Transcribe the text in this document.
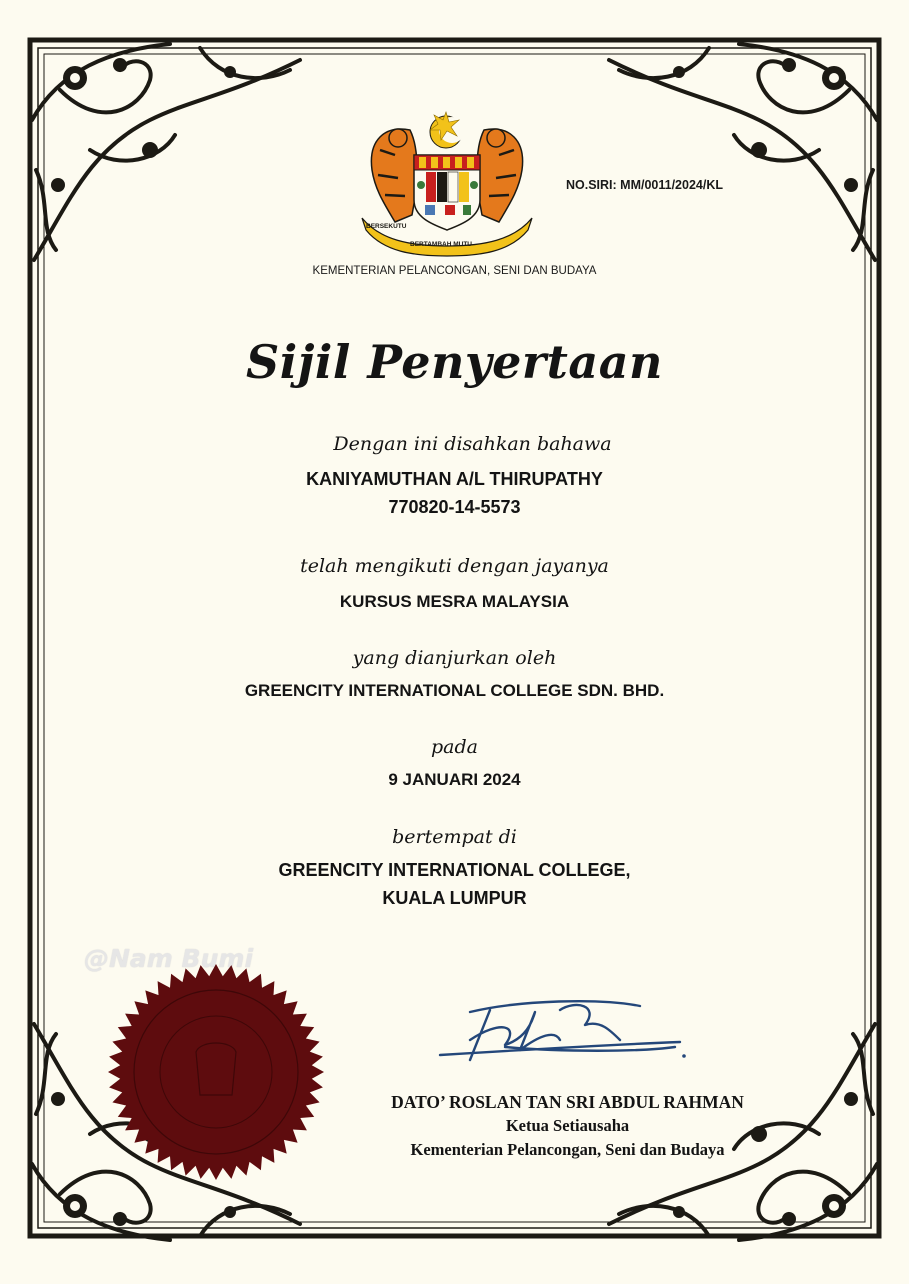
BERSEKUTU
BERTAMBAH MUTU
NO.SIRI: MM/0011/2024/KL
KEMENTERIAN PELANCONGAN, SENI DAN BUDAYA
Sijil Penyertaan
Dengan ini disahkan bahawa
KANIYAMUTHAN A/L THIRUPATHY
770820-14-5573
telah mengikuti dengan jayanya
KURSUS MESRA MALAYSIA
yang dianjurkan oleh
GREENCITY INTERNATIONAL COLLEGE SDN. BHD.
pada
9 JANUARI 2024
bertempat di
GREENCITY INTERNATIONAL COLLEGE,
KUALA LUMPUR
@Nam Bumi
DATO’ ROSLAN TAN SRI ABDUL RAHMAN
Ketua Setiausaha
Kementerian Pelancongan, Seni dan Budaya
